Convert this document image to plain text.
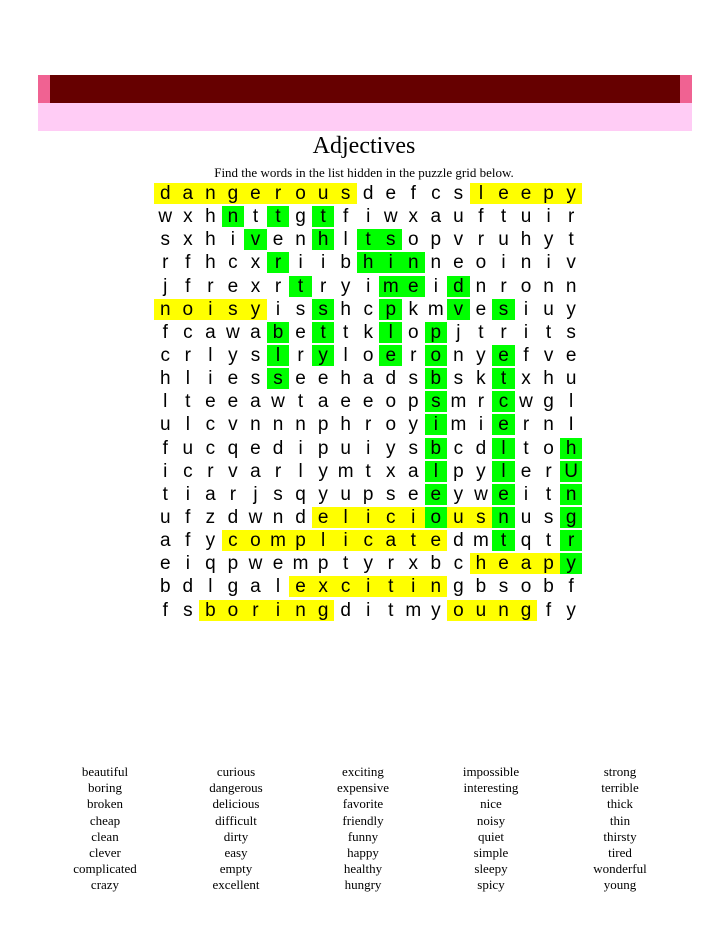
Adjectives
Find the words in the list hidden in the puzzle grid below.
d a n g e r o u s d e f c s l e e p y
w x h n t t g t f i w x a u f t u i r
s x h i v e n h l t s o p v r u h y t
r f h c x r i i b h i n n e o i n i v
j f r e x r t r y i m e i d n r o n n
n o i s y i s s h c p k m v e s i u y
f c a w a b e t t k l o p j t r i t s
c r l y s l r y l o e r o n y e f v e
h l i e s s e e h a d s b s k t x h u
l t e e a w t a e e o p s m r c w g l
u l c v n n n p h r o y i m i e r n I
f u c q e d i p u i y s b c d l t o h
i c r v a r l y m t x a l p y l e r U
t i a r j s q y u p s e e y w e i t n
u f z d w n d e l i c i o u s n u s g
a f y c o m p l i c a t e d m t q t r
e i q p w e m p t y r x b c h e a p y
b d l g a l e x c i t i n g b s o b f
f s b o r i n g d i t m y o u n g f y
beautiful
boring
broken
cheap
clean
clever
complicated
crazy
curious
dangerous
delicious
difficult
dirty
easy
empty
excellent
exciting
expensive
favorite
friendly
funny
happy
healthy
hungry
impossible
interesting
nice
noisy
quiet
simple
sleepy
spicy
strong
terrible
thick
thin
thirsty
tired
wonderful
young
